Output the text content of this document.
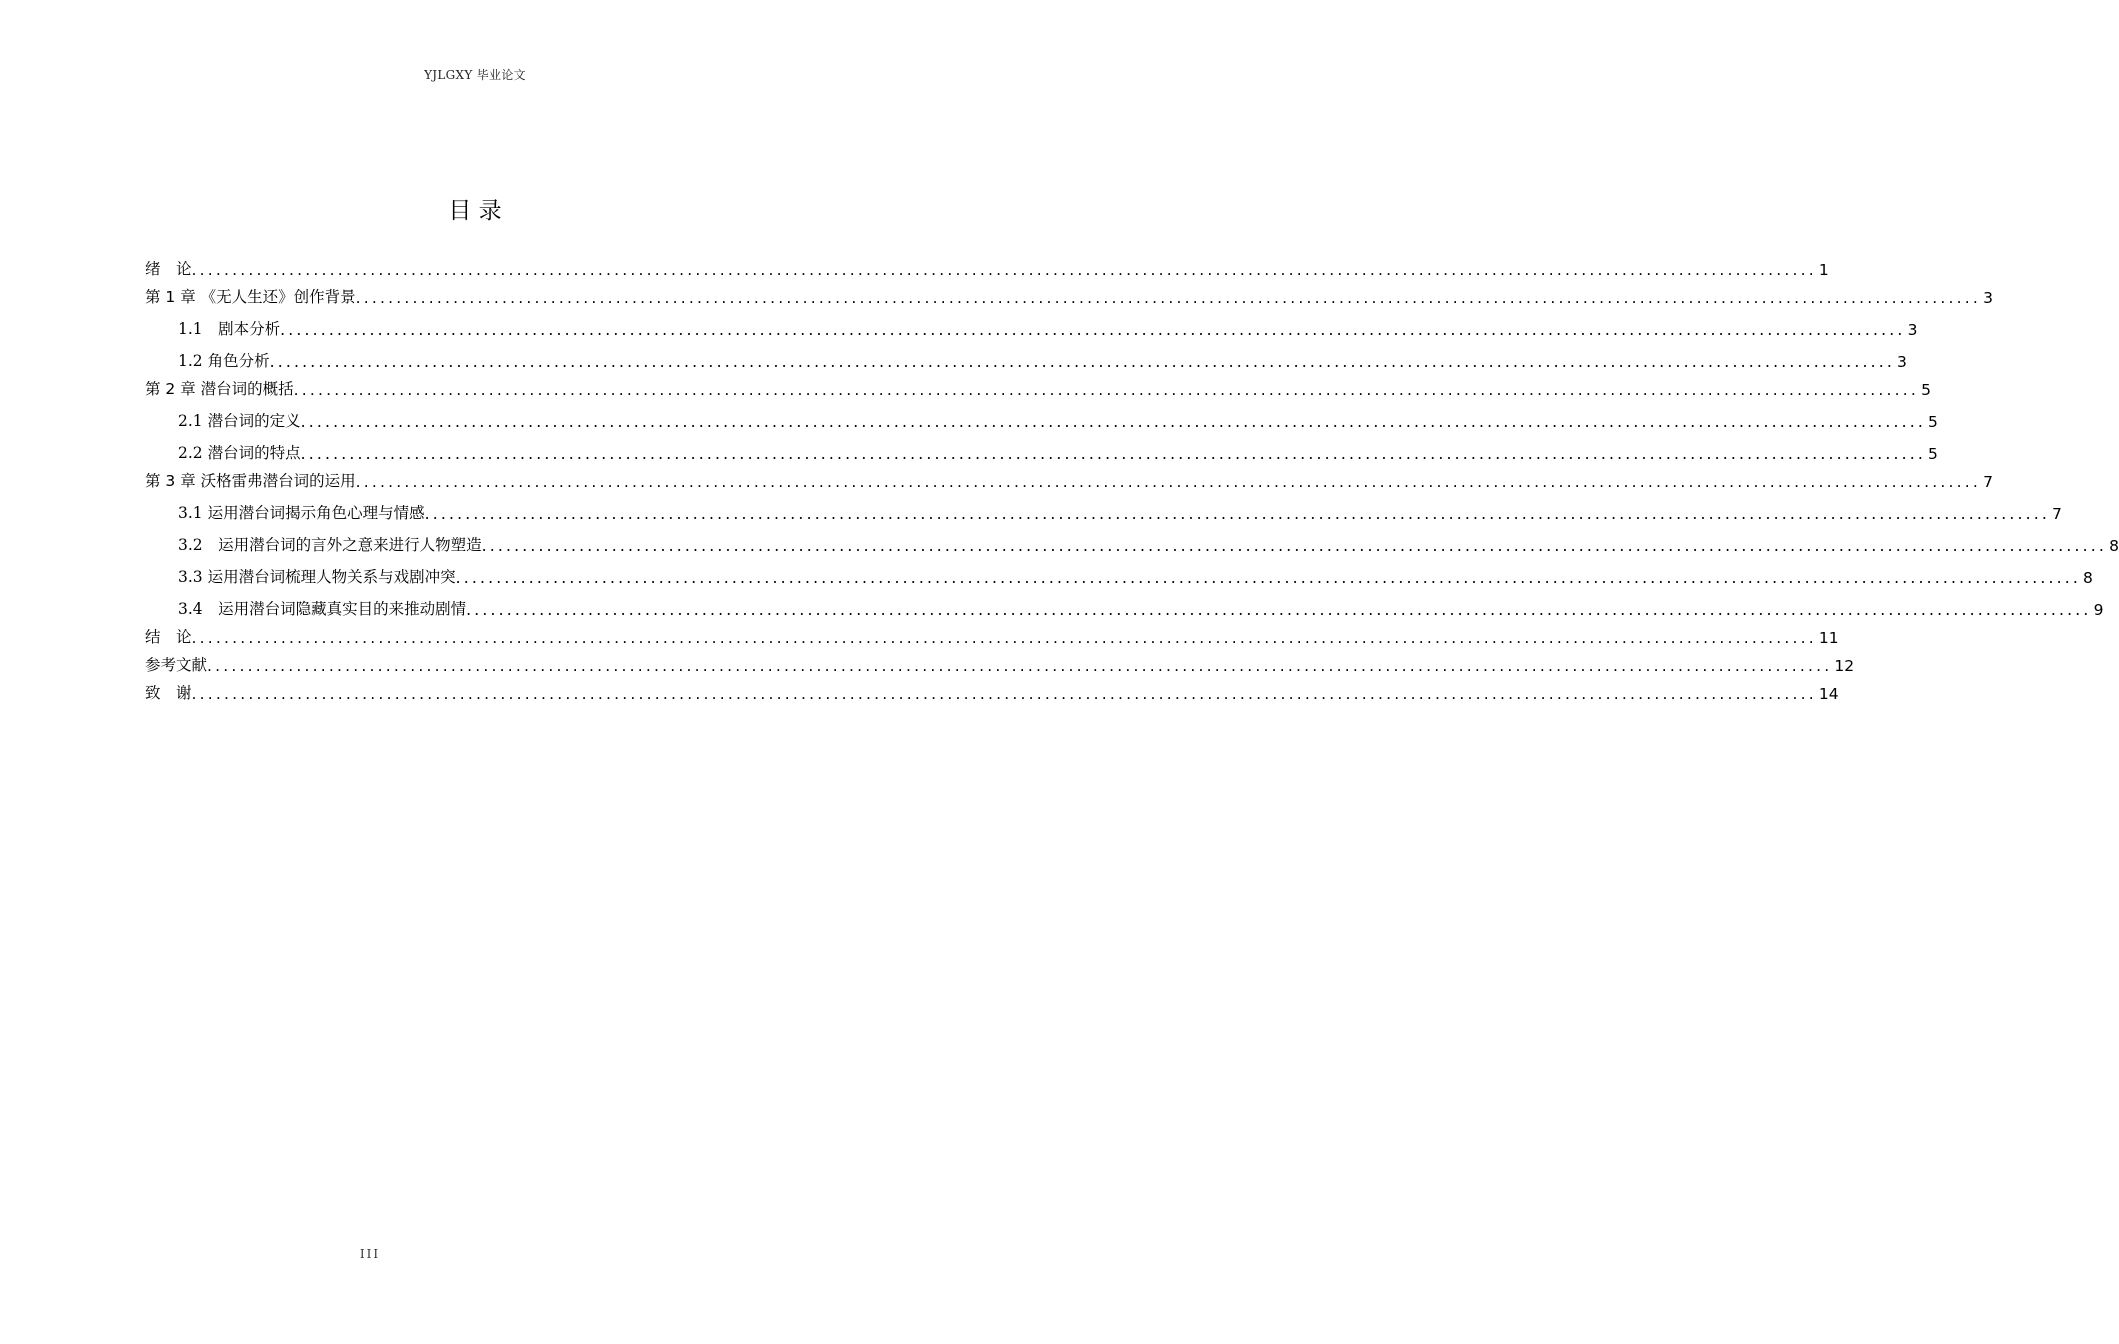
YJLGXY 毕业论文
目 录
绪　论 ........................................................................................................................................................................................................ 1
第 1 章 《无人生还》创作背景 ........................................................................................................................................................................................................ 3
1.1　剧本分析 ........................................................................................................................................................................................................ 3
1.2 角色分析 ........................................................................................................................................................................................................ 3
第 2 章 潜台词的概括 ........................................................................................................................................................................................................ 5
2.1 潜台词的定义 ........................................................................................................................................................................................................ 5
2.2 潜台词的特点 ........................................................................................................................................................................................................ 5
第 3 章 沃格雷弗潜台词的运用 ........................................................................................................................................................................................................ 7
3.1 运用潜台词揭示角色心理与情感 ........................................................................................................................................................................................................ 7
3.2　运用潜台词的言外之意来进行人物塑造 ........................................................................................................................................................................................................ 8
3.3 运用潜台词梳理人物关系与戏剧冲突 ........................................................................................................................................................................................................ 8
3.4　运用潜台词隐藏真实目的来推动剧情 ........................................................................................................................................................................................................ 9
结　论 ........................................................................................................................................................................................................ 11
参考文献 ........................................................................................................................................................................................................ 12
致　谢 ........................................................................................................................................................................................................ 14
III
